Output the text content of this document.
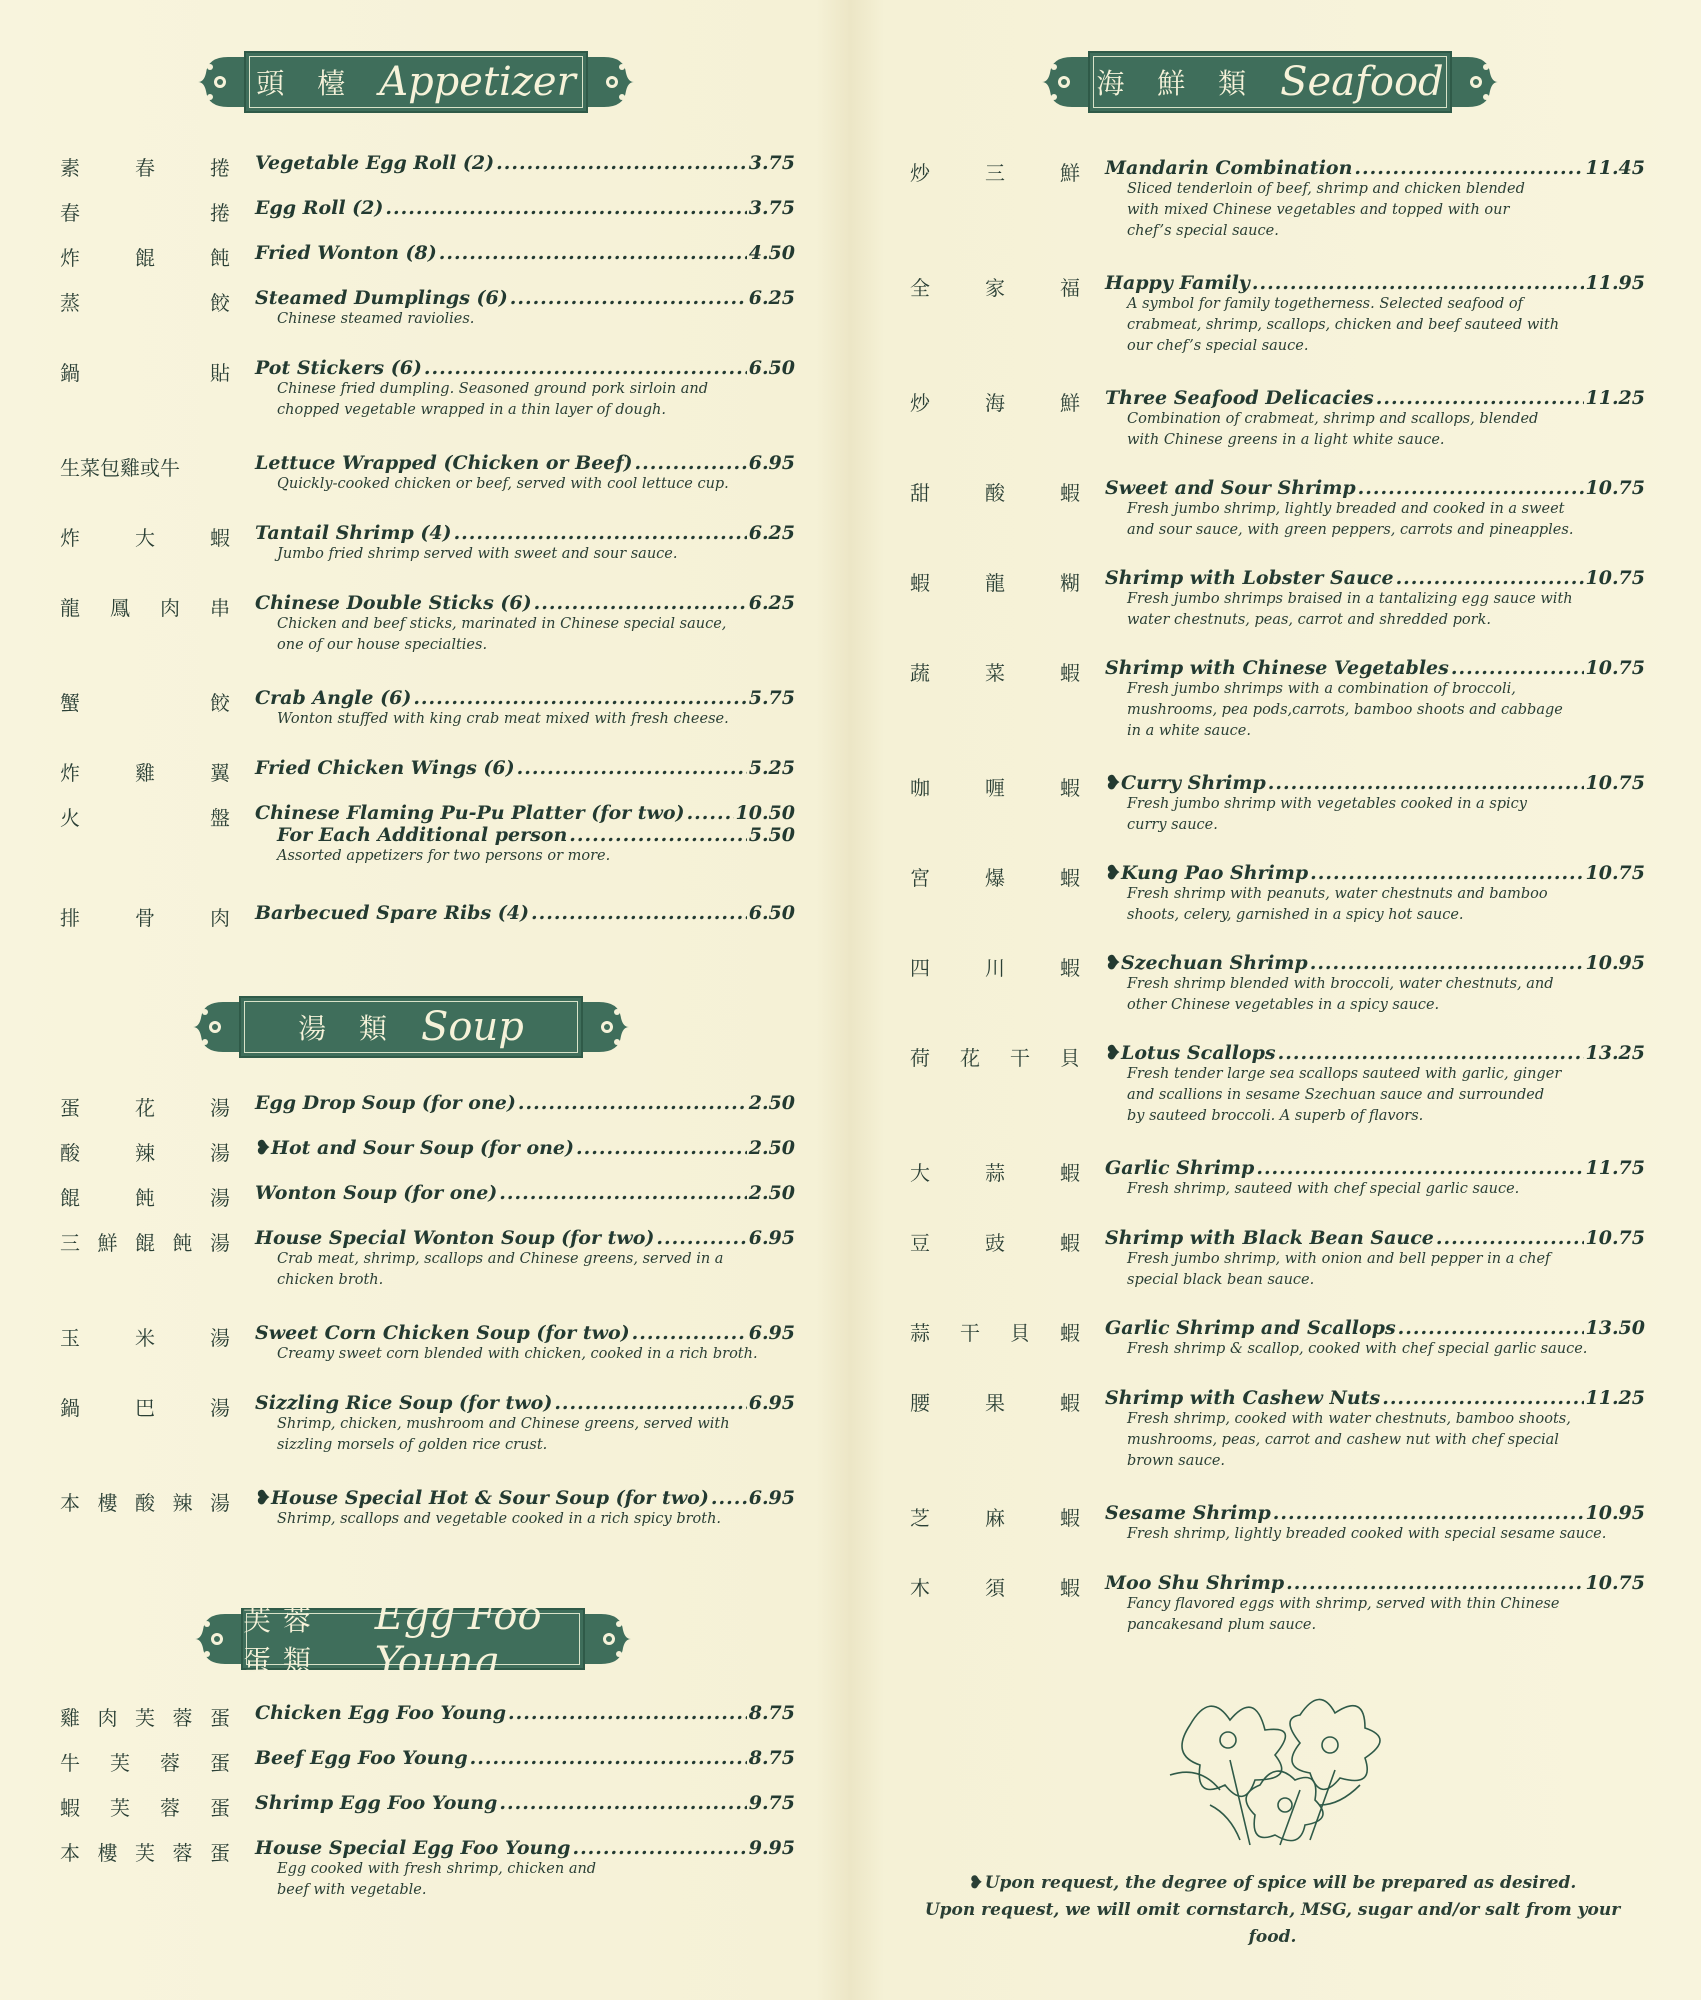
頭 檯 Appetizer
素	春	捲 Vegetable Egg Roll (2) .....	3.75
春	捲 Egg Roll (2) .....	3.75
炸	餛	飩 Fried Wonton (8) .....	4.50
蒸	餃 Steamed Dumplings (6) .....	6.25
Chinese steamed raviolies.
鍋	貼 Pot Stickers (6) .....	6.50
Chinese fried dumpling. Seasoned ground pork sirloin and
chopped vegetable wrapped in a thin layer of dough.
生菜包雞或牛	Lettuce Wrapped (Chicken or Beef) .....	6.95
Quickly-cooked chicken or beef, served with cool lettuce cup.
炸	大	蝦 Tantail Shrimp (4) .....	6.25
Jumbo fried shrimp served with sweet and sour sauce.
龍 鳳 肉 串 Chinese Double Sticks (6) .....	6.25
Chicken and beef sticks, marinated in Chinese special sauce,
one of our house specialties.
蟹	餃 Crab Angle (6) .....	5.75
Wonton stuffed with king crab meat mixed with fresh cheese.
炸	雞	翼 Fried Chicken Wings (6) .....	5.25
火	盤 Chinese Flaming Pu-Pu Platter (for two) .....	10.50
For Each Additional person .....	5.50
Assorted appetizers for two persons or more.
排	骨	肉 Barbecued Spare Ribs (4) .....	6.50
湯 類 Soup
蛋	花	湯 Egg Drop Soup (for one) .....	2.50
酸	辣	湯 ❥ Hot and Sour Soup (for one) .....	2.50
餛	飩	湯 Wonton Soup (for one) .....	2.50
三 鮮 餛 飩 湯 House Special Wonton Soup (for two) .....	6.95
Crab meat, shrimp, scallops and Chinese greens, served in a
chicken broth.
玉	米	湯 Sweet Corn Chicken Soup (for two) .....	6.95
Creamy sweet corn blended with chicken, cooked in a rich broth.
鍋	巴	湯 Sizzling Rice Soup (for two) .....	6.95
Shrimp, chicken, mushroom and Chinese greens, served with
sizzling morsels of golden rice crust.
本 樓 酸 辣 湯 ❥ House Special Hot & Sour Soup (for two) ..... 6.95
Shrimp, scallops and vegetable cooked in a rich spicy broth.
芙蓉蛋類
Egg Foo Young
雞 肉 芙 蓉 蛋 Chicken Egg Foo Young .....	8.75
牛 芙 蓉 蛋 Beef Egg Foo Young .....	8.75
蝦 芙 蓉 蛋 Shrimp Egg Foo Young .....	9.75
本 樓 芙 蓉 蛋 House Special Egg Foo Young .....	9.95
Egg cooked with fresh shrimp, chicken and
beef with vegetable.
海 鮮 類 Seafood
炒	三	鮮 Mandarin Combination .....	11.45
Sliced tenderloin of beef, shrimp and chicken blended
with mixed Chinese vegetables and topped with our
chef’s special sauce.
全	家	福 Happy Family .....	11.95
A symbol for family togetherness. Selected seafood of
crabmeat, shrimp, scallops, chicken and beef sauteed with
our chef’s special sauce.
炒	海	鮮 Three Seafood Delicacies .....	11.25
Combination of crabmeat, shrimp and scallops, blended
with Chinese greens in a light white sauce.
甜	酸	蝦 Sweet and Sour Shrimp .....	10.75
Fresh jumbo shrimp, lightly breaded and cooked in a sweet
and sour sauce, with green peppers, carrots and pineapples.
蝦	龍	糊 Shrimp with Lobster Sauce .....	10.75
Fresh jumbo shrimps braised in a tantalizing egg sauce with
water chestnuts, peas, carrot and shredded pork.
蔬	菜	蝦 Shrimp with Chinese Vegetables .....	10.75
Fresh jumbo shrimps with a combination of broccoli,
mushrooms, pea pods,carrots, bamboo shoots and cabbage
in a white sauce.
咖	喱	蝦 ❥ Curry Shrimp .....	10.75
Fresh jumbo shrimp with vegetables cooked in a spicy
curry sauce.
宮	爆	蝦 ❥ Kung Pao Shrimp .....	10.75
Fresh shrimp with peanuts, water chestnuts and bamboo
shoots, celery, garnished in a spicy hot sauce.
四	川	蝦 ❥ Szechuan Shrimp .....	10.95
Fresh shrimp blended with broccoli, water chestnuts, and
other Chinese vegetables in a spicy sauce.
荷 花 干 貝 ❥ Lotus Scallops .....	13.25
Fresh tender large sea scallops sauteed with garlic, ginger
and scallions in sesame Szechuan sauce and surrounded
by sauteed broccoli. A superb of flavors.
大	蒜	蝦 Garlic Shrimp .....	11.75
Fresh shrimp, sauteed with chef special garlic sauce.
豆	豉	蝦 Shrimp with Black Bean Sauce .....	10.75
Fresh jumbo shrimp, with onion and bell pepper in a chef
special black bean sauce.
蒜 干 貝 蝦 Garlic Shrimp and Scallops .....	13.50
Fresh shrimp & scallop, cooked with chef special garlic sauce.
腰	果	蝦 Shrimp with Cashew Nuts .....	11.25
Fresh shrimp, cooked with water chestnuts, bamboo shoots,
mushrooms, peas, carrot and cashew nut with chef special
brown sauce.
芝	麻	蝦 Sesame Shrimp .....	10.95
Fresh shrimp, lightly breaded cooked with special sesame sauce.
木	須	蝦 Moo Shu Shrimp .....	10.75
Fancy flavored eggs with shrimp, served with thin Chinese
pancakesand plum sauce.
❥ Upon request, the degree of spice will be prepared as desired.
Upon request, we will omit cornstarch, MSG, sugar and/or salt from your food.
